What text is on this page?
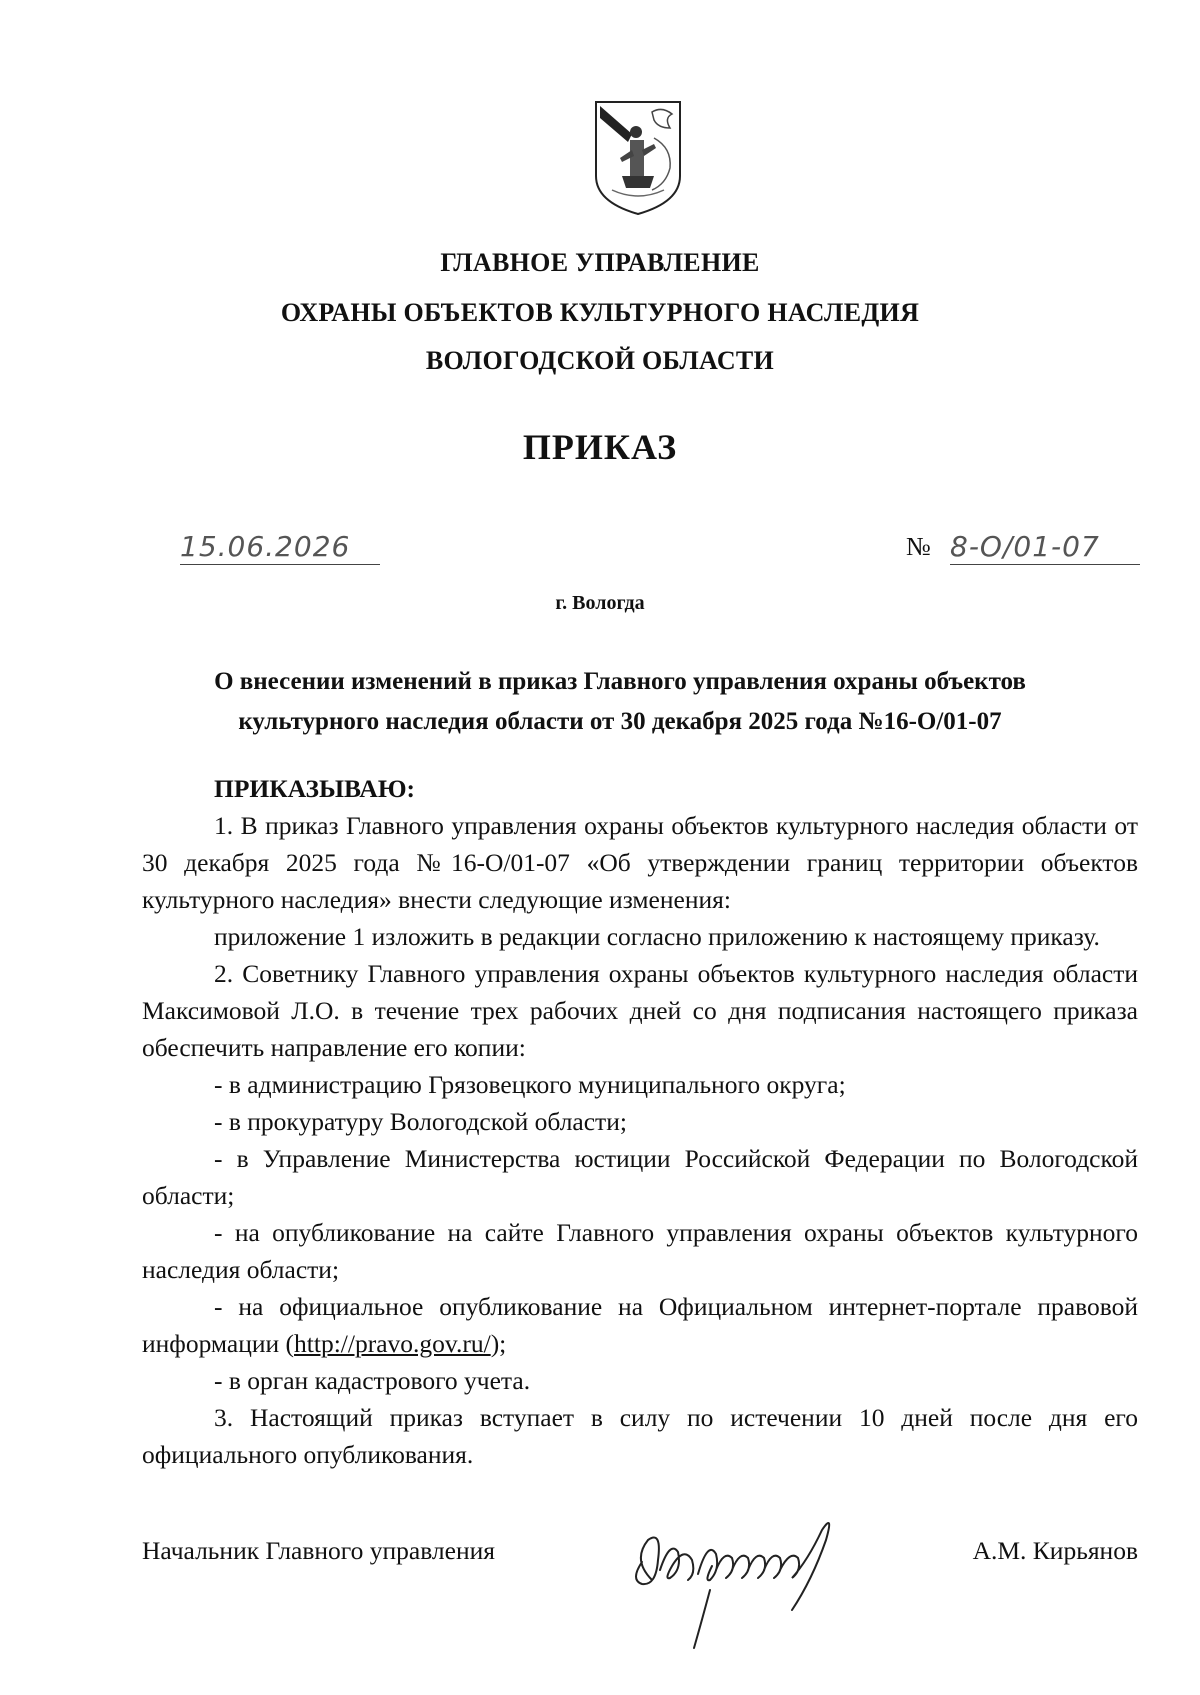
ГЛАВНОЕ УПРАВЛЕНИЕ
ОХРАНЫ ОБЪЕКТОВ КУЛЬТУРНОГО НАСЛЕДИЯ
ВОЛОГОДСКОЙ ОБЛАСТИ
ПРИКАЗ
15.06.2026	№ 8-О/01-07
г. Вологда
О внесении изменений в приказ Главного управления охраны объектов культурного наследия области от 30 декабря 2025 года №16-О/01-07

ПРИКАЗЫВАЮ:

1. В приказ Главного управления охраны объектов культурного наследия области от 30 декабря 2025 года №16-О/01-07 «Об утверждении границ территории объектов культурного наследия» внести следующие изменения:

приложение 1 изложить в редакции согласно приложению к настоящему приказу.

2. Советнику Главного управления охраны объектов культурного наследия области Максимовой Л.О. в течение трех рабочих дней со дня подписания настоящего приказа обеспечить направление его копии:

- в администрацию Грязовецкого муниципального округа;

- в прокуратуру Вологодской области;

- в Управление Министерства юстиции Российской Федерации по Вологодской области;

- на опубликование на сайте Главного управления охраны объектов культурного наследия области;

- на официальное опубликование на Официальном интернет-портале правовой информации (http://pravo.gov.ru/);

- в орган кадастрового учета.

3. Настоящий приказ вступает в силу по истечении 10 дней после дня его официального опубликования.

Начальник Главного управления	А.М. Кирьянов
